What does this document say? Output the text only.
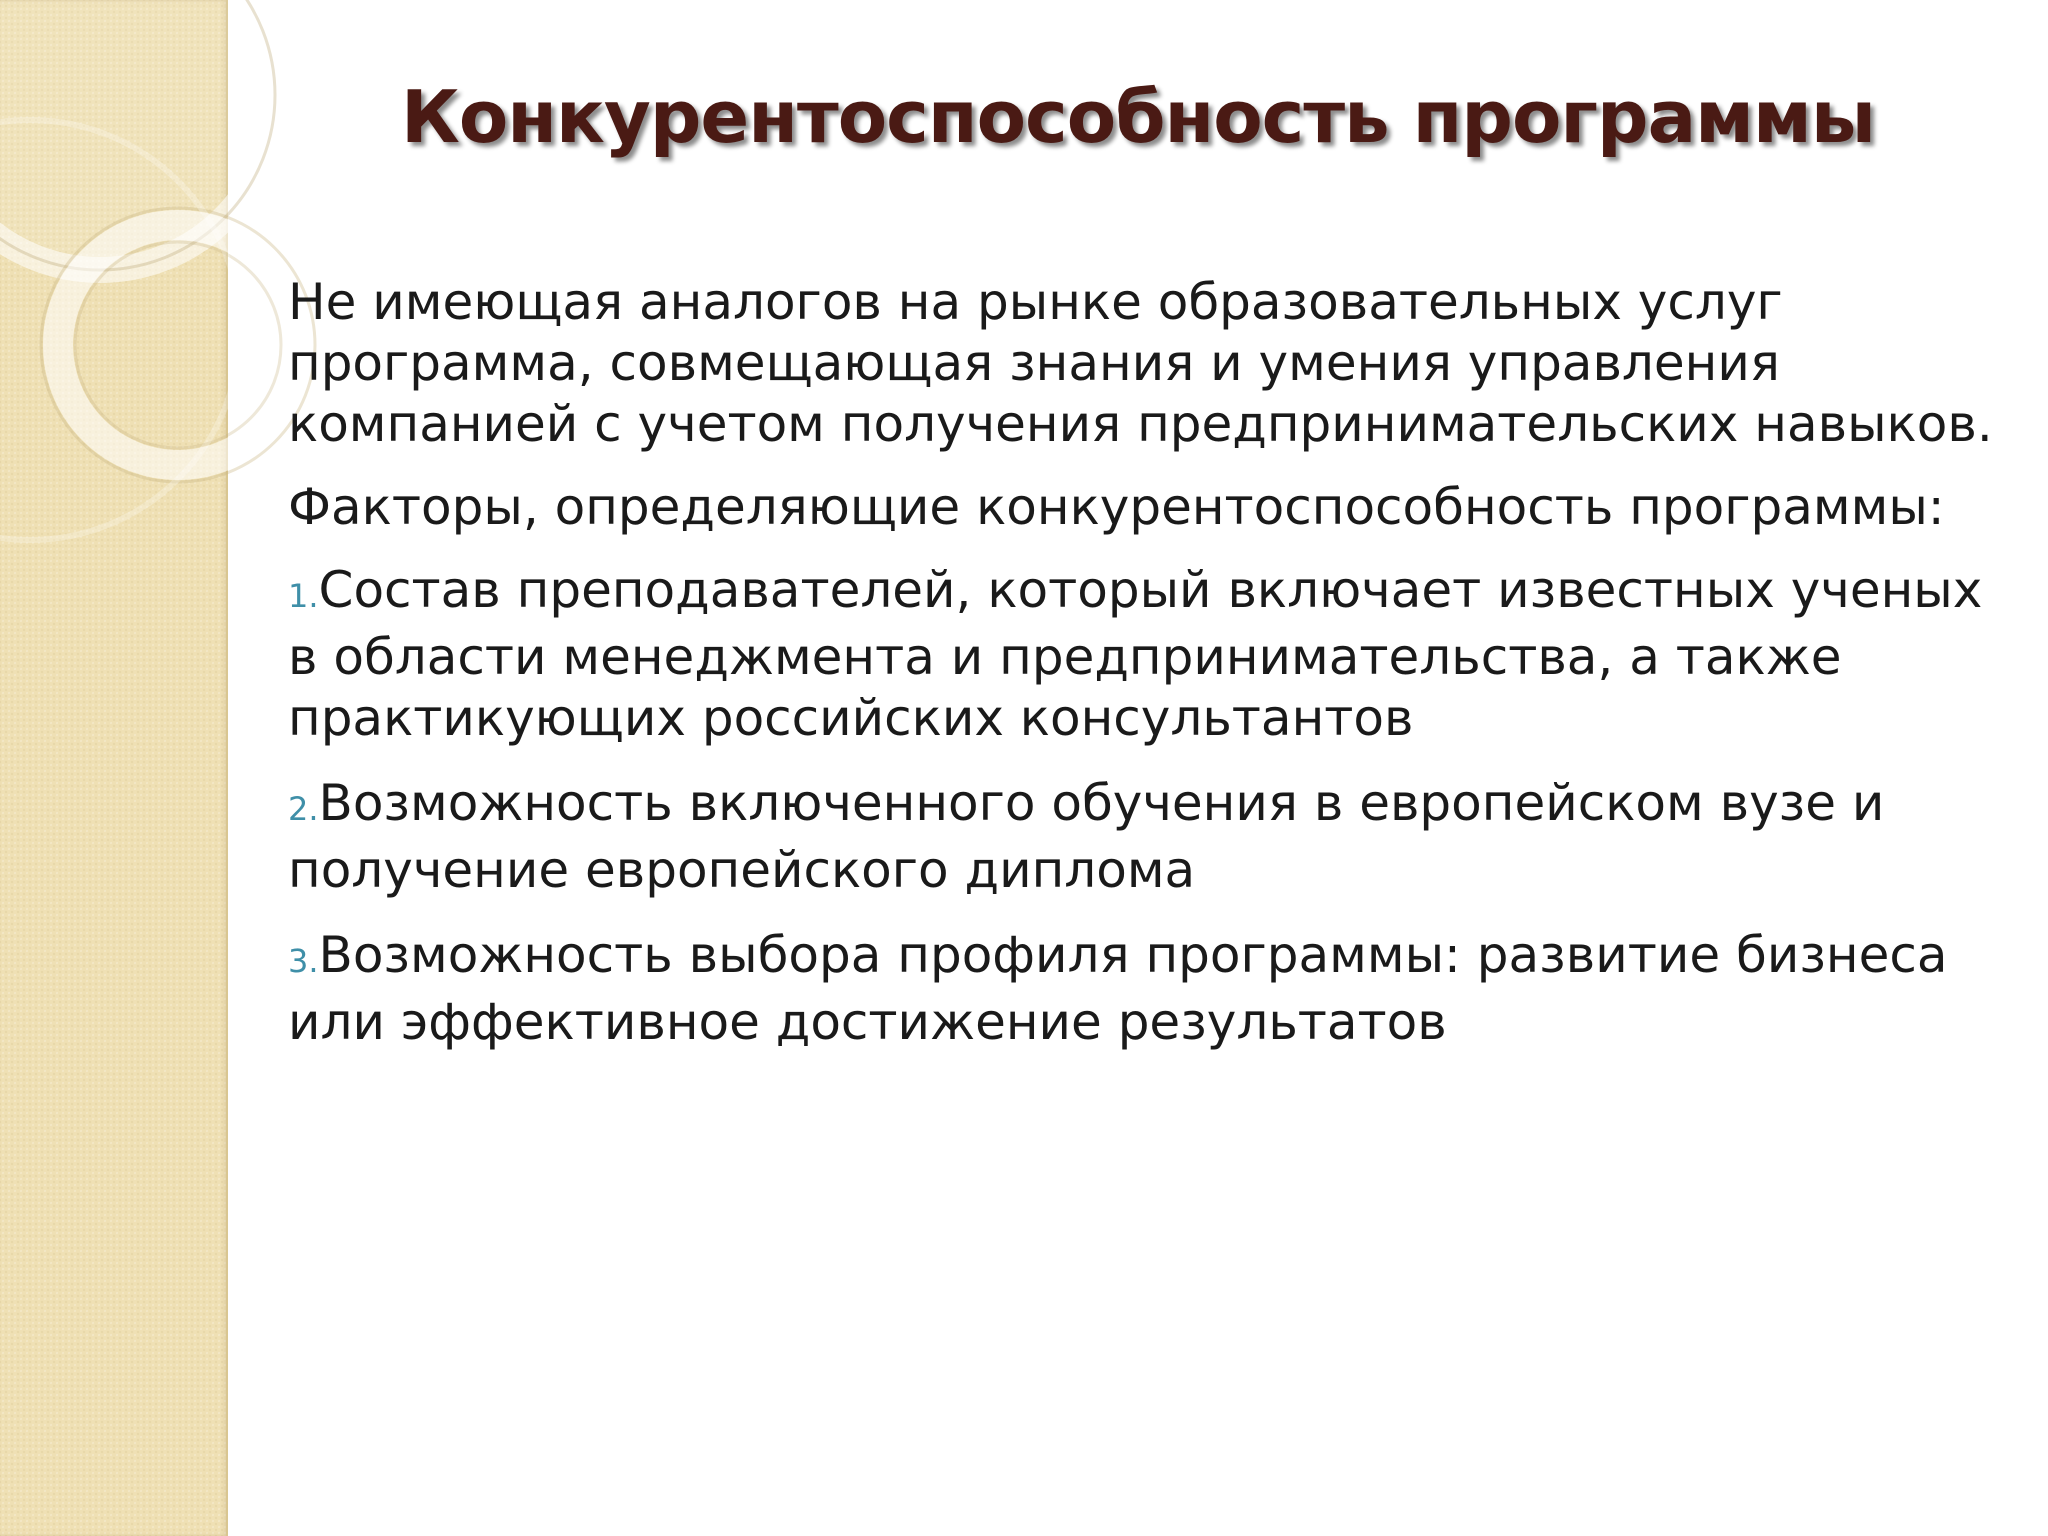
Конкурентоспособность программы

Не имеющая аналогов на рынке образовательных услуг программа, совмещающая знания и умения управления компанией с учетом получения предпринимательских навыков.

Факторы, определяющие конкурентоспособность программы:

1.Состав преподавателей, который включает известных ученых в области менеджмента и предпринимательства, а также практикующих российских консультантов

2.Возможность включенного обучения в европейском вузе и получение европейского диплома

3.Возможность выбора профиля программы: развитие бизнеса или эффективное достижение результатов
